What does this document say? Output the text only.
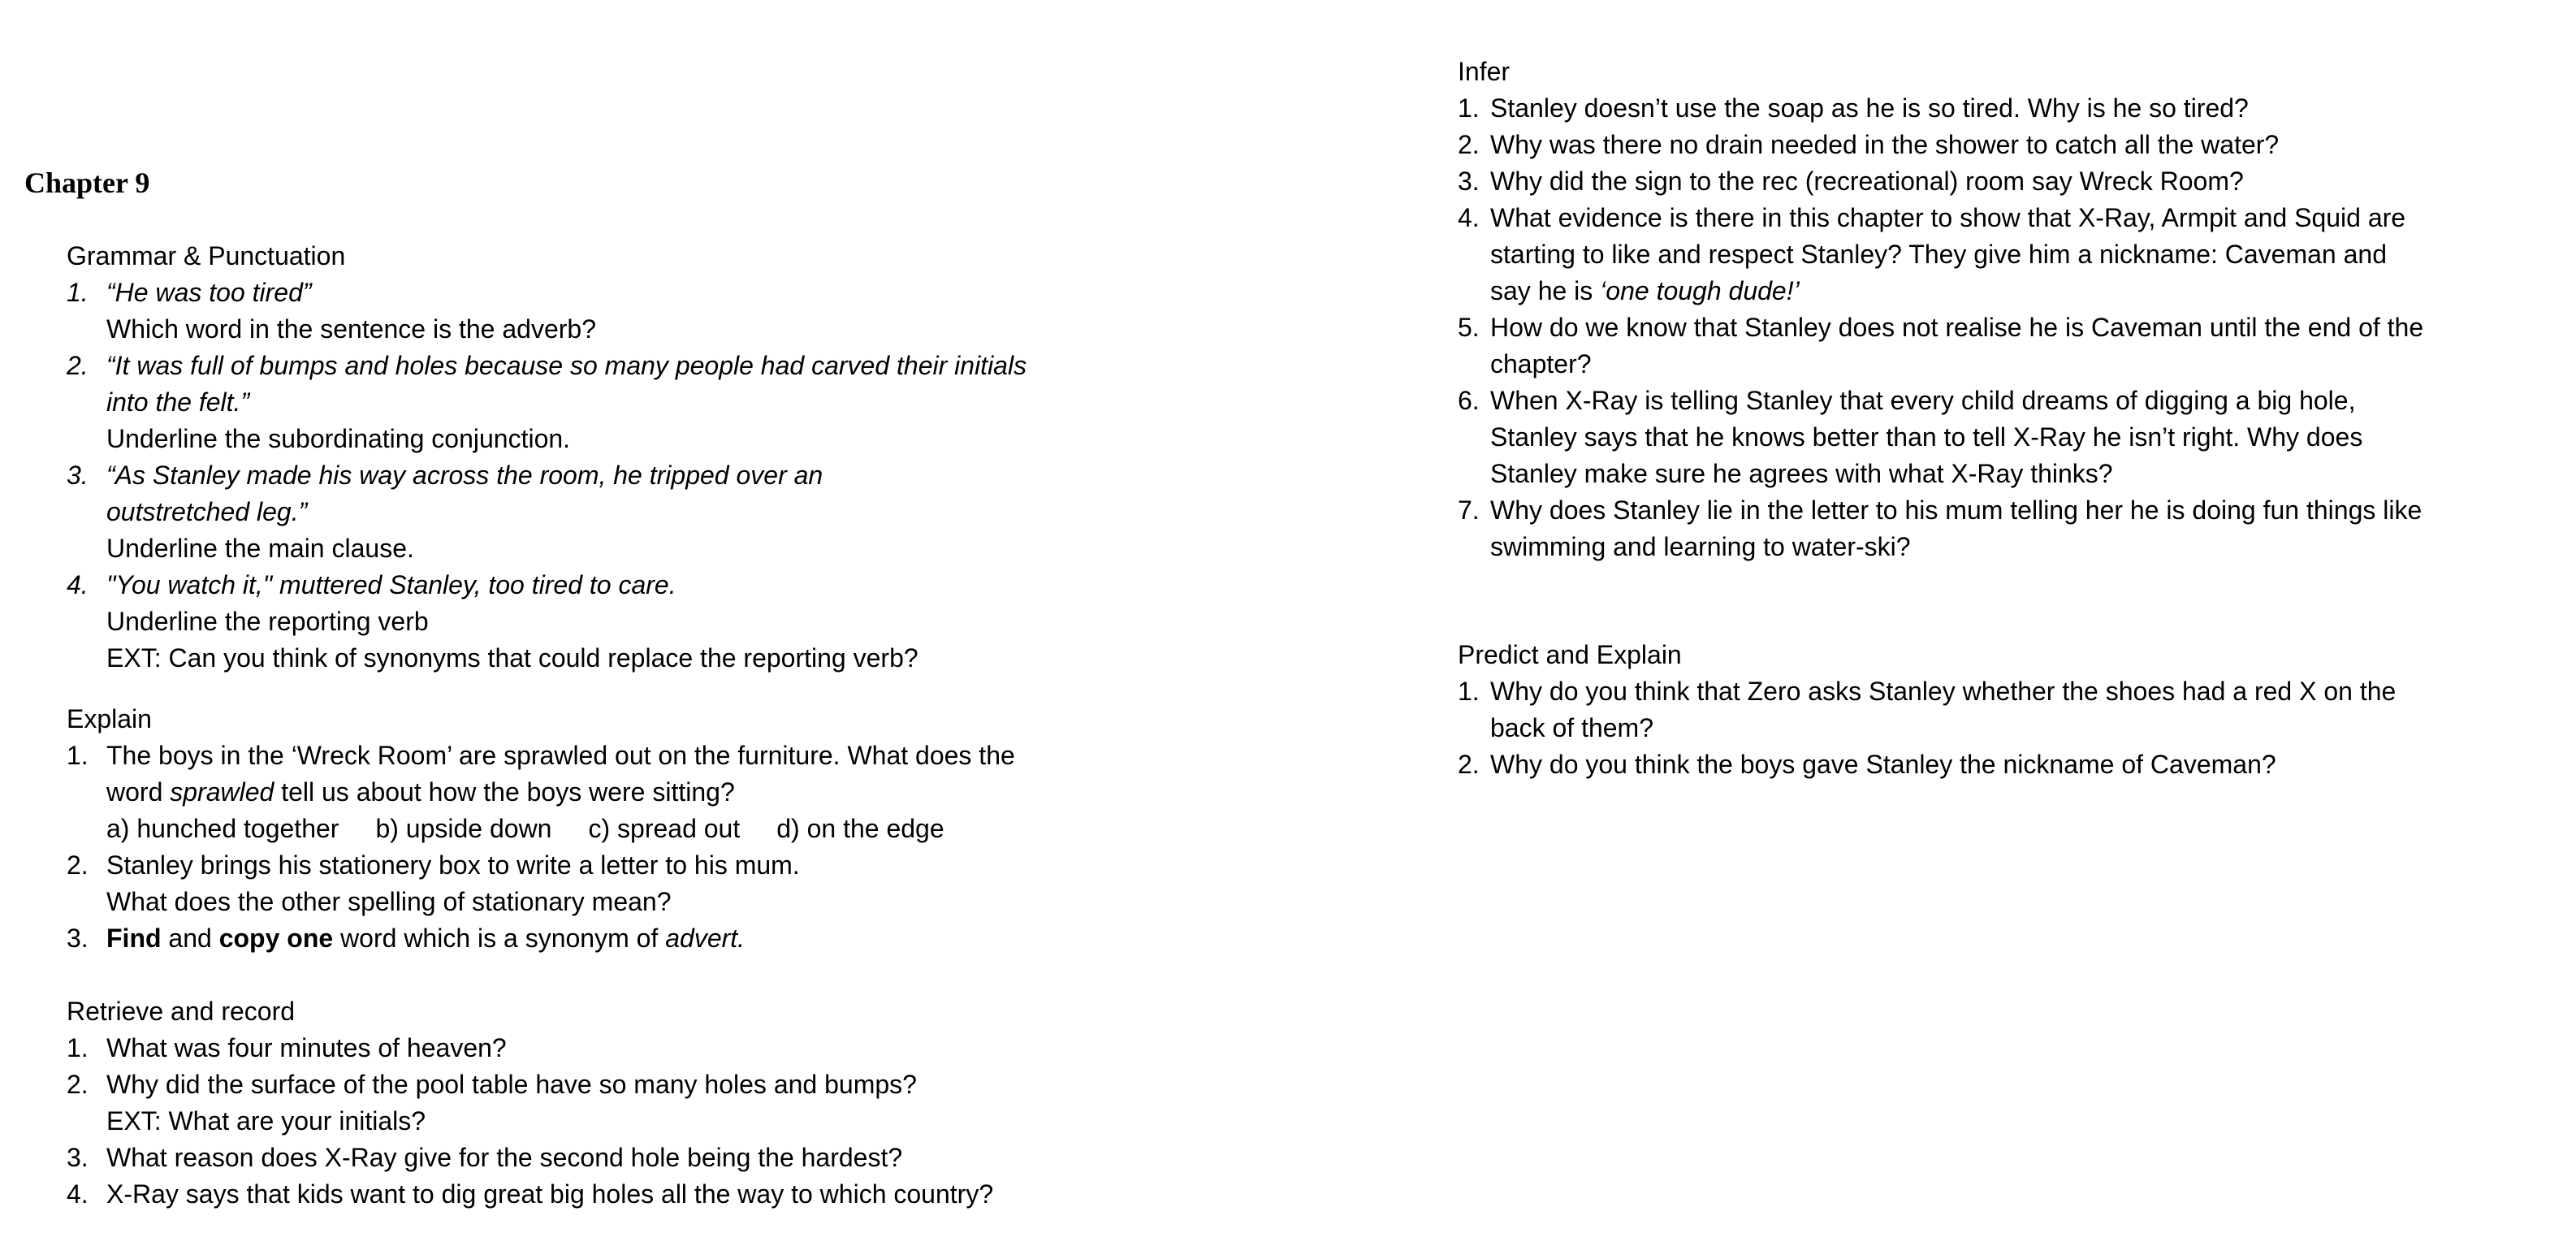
Chapter 9
Grammar & Punctuation
1. “He was too tired”
Which word in the sentence is the adverb?
2. “It was full of bumps and holes because so many people had carved their initials
into the felt.”
Underline the subordinating conjunction.
3. “As Stanley made his way across the room, he tripped over an
outstretched leg.”
Underline the main clause.
4. "You watch it," muttered Stanley, too tired to care.
Underline the reporting verb
EXT: Can you think of synonyms that could replace the reporting verb?
Explain
1. The boys in the ‘Wreck Room’ are sprawled out on the furniture. What does the
word sprawled tell us about how the boys were sitting?
a) hunched together b) upside down c) spread out d) on the edge
2. Stanley brings his stationery box to write a letter to his mum.
What does the other spelling of stationary mean?
3. Find and copy one word which is a synonym of advert.
Retrieve and record
1. What was four minutes of heaven?
2. Why did the surface of the pool table have so many holes and bumps?
EXT: What are your initials?
3. What reason does X-Ray give for the second hole being the hardest?
4. X-Ray says that kids want to dig great big holes all the way to which country?
Infer
1. Stanley doesn’t use the soap as he is so tired. Why is he so tired?
2. Why was there no drain needed in the shower to catch all the water?
3. Why did the sign to the rec (recreational) room say Wreck Room?
4. What evidence is there in this chapter to show that X-Ray, Armpit and Squid are
starting to like and respect Stanley? They give him a nickname: Caveman and
say he is ‘one tough dude!’
5. How do we know that Stanley does not realise he is Caveman until the end of the
chapter?
6. When X-Ray is telling Stanley that every child dreams of digging a big hole,
Stanley says that he knows better than to tell X-Ray he isn’t right. Why does
Stanley make sure he agrees with what X-Ray thinks?
7. Why does Stanley lie in the letter to his mum telling her he is doing fun things like
swimming and learning to water-ski?
Predict and Explain
1. Why do you think that Zero asks Stanley whether the shoes had a red X on the
back of them?
2. Why do you think the boys gave Stanley the nickname of Caveman?
